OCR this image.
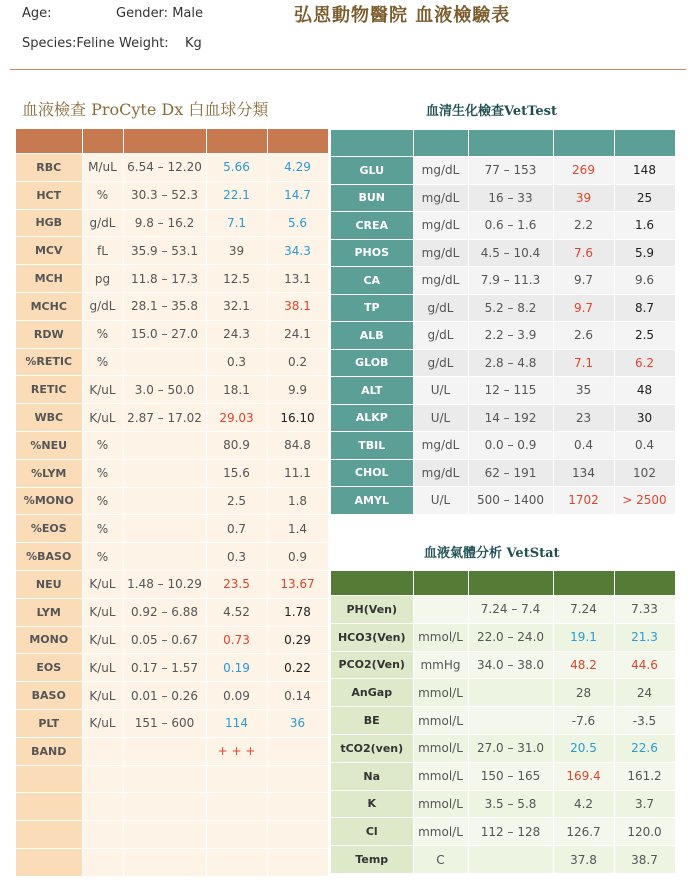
Age:	Gender: Male	弘恩動物醫院 血液檢驗表
Species:Feline Weight: Kg
血液檢查 ProCyte Dx 白血球分類	血清生化檢查VetTest
血液氣體分析 VetStat

RBC	M/uL	6.54 – 12.20	5.66	4.29
HCT	%	30.3 – 52.3	22.1	14.7
HGB	g/dL	9.8 – 16.2	7.1	5.6
MCV	fL	35.9 – 53.1	39	34.3
MCH	pg	11.8 – 17.3	12.5	13.1
MCHC	g/dL	28.1 – 35.8	32.1	38.1
RDW	%	15.0 – 27.0	24.3	24.1
%RETIC	%		0.3	0.2
RETIC	K/uL	3.0 – 50.0	18.1	9.9
WBC	K/uL	2.87 – 17.02	29.03	16.10
%NEU	%		80.9	84.8
%LYM	%		15.6	11.1
%MONO	%		2.5	1.8
%EOS	%		0.7	1.4
%BASO	%		0.3	0.9
NEU	K/uL	1.48 – 10.29	23.5	13.67
LYM	K/uL	0.92 – 6.88	4.52	1.78
MONO	K/uL	0.05 – 0.67	0.73	0.29
EOS	K/uL	0.17 – 1.57	0.19	0.22
BASO	K/uL	0.01 – 0.26	0.09	0.14
PLT	K/uL	151 – 600	114	36
BAND			+ + +	

GLU	mg/dL	77 – 153	269	148
BUN	mg/dL	16 – 33	39	25
CREA	mg/dL	0.6 – 1.6	2.2	1.6
PHOS	mg/dL	4.5 – 10.4	7.6	5.9
CA	mg/dL	7.9 – 11.3	9.7	9.6
TP	g/dL	5.2 – 8.2	9.7	8.7
ALB	g/dL	2.2 – 3.9	2.6	2.5
GLOB	g/dL	2.8 – 4.8	7.1	6.2
ALT	U/L	12 – 115	35	48
ALKP	U/L	14 – 192	23	30
TBIL	mg/dL	0.0 – 0.9	0.4	0.4
CHOL	mg/dL	62 – 191	134	102
AMYL	U/L	500 – 1400	1702	> 2500

PH(Ven)		7.24 – 7.4	7.24	7.33
HCO3(Ven)	mmol/L	22.0 – 24.0	19.1	21.3
PCO2(Ven)	mmHg	34.0 – 38.0	48.2	44.6
AnGap	mmol/L		28	24
BE	mmol/L		-7.6	-3.5
tCO2(ven)	mmol/L	27.0 – 31.0	20.5	22.6
Na	mmol/L	150 – 165	169.4	161.2
K	mmol/L	3.5 – 5.8	4.2	3.7
Cl	mmol/L	112 – 128	126.7	120.0
Temp	C		37.8	38.7
